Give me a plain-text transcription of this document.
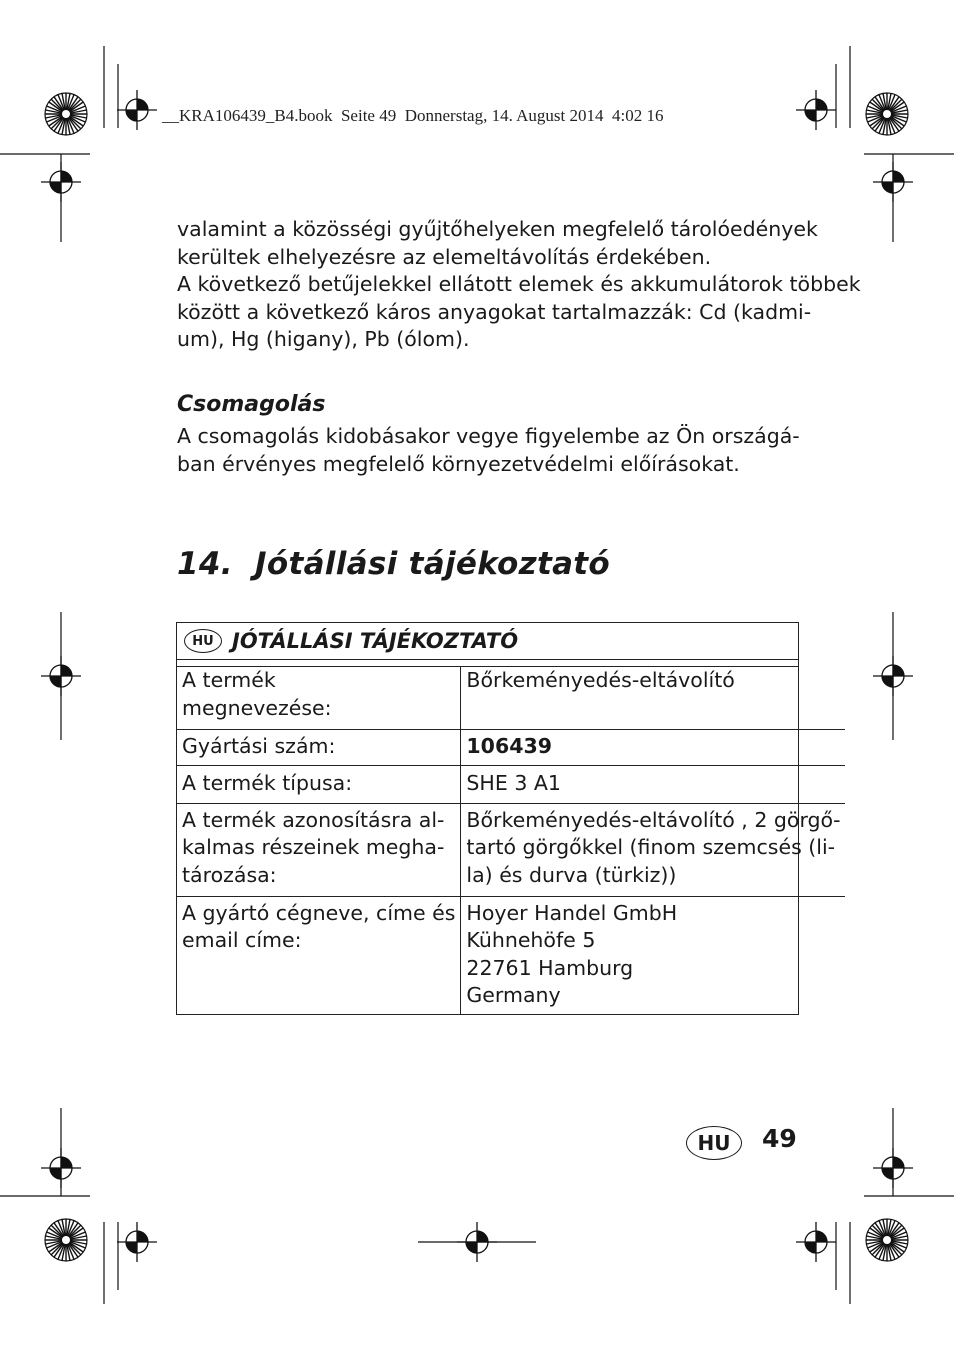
__KRA106439_B4.book  Seite 49  Donnerstag, 14. August 2014  4:02 16

valamint a közösségi gyűjtőhelyeken megfelelő tárolóedények
kerültek elhelyezésre az elemeltávolítás érdekében.
A következő betűjelekkel ellátott elemek és akkumulátorok többek
között a következő káros anyagokat tartalmazzák: Cd (kadmi-
um), Hg (higany), Pb (ólom).

Csomagolás

A csomagolás kidobásakor vegye figyelembe az Ön országá-
ban érvényes megfelelő környezetvédelmi előírásokat.

14. Jótállási tájékoztató
HU JÓTÁLLÁSI TÁJÉKOZTATÓ
A termék
megnevezése:	Bőrkeményedés-eltávolító

Gyártási szám:	106439

A termék típusa:	SHE 3 A1

A termék azonosításra al-
kalmas részeinek megha-
tározása:	Bőrkeményedés-eltávolító , 2 görgő-
tartó görgőkkel (finom szemcsés (li-
la) és durva (türkiz))

A gyártó cégneve, címe és
email címe:	Hoyer Handel GmbH
Kühnehöfe 5
22761 Hamburg
Germany
HU	49
